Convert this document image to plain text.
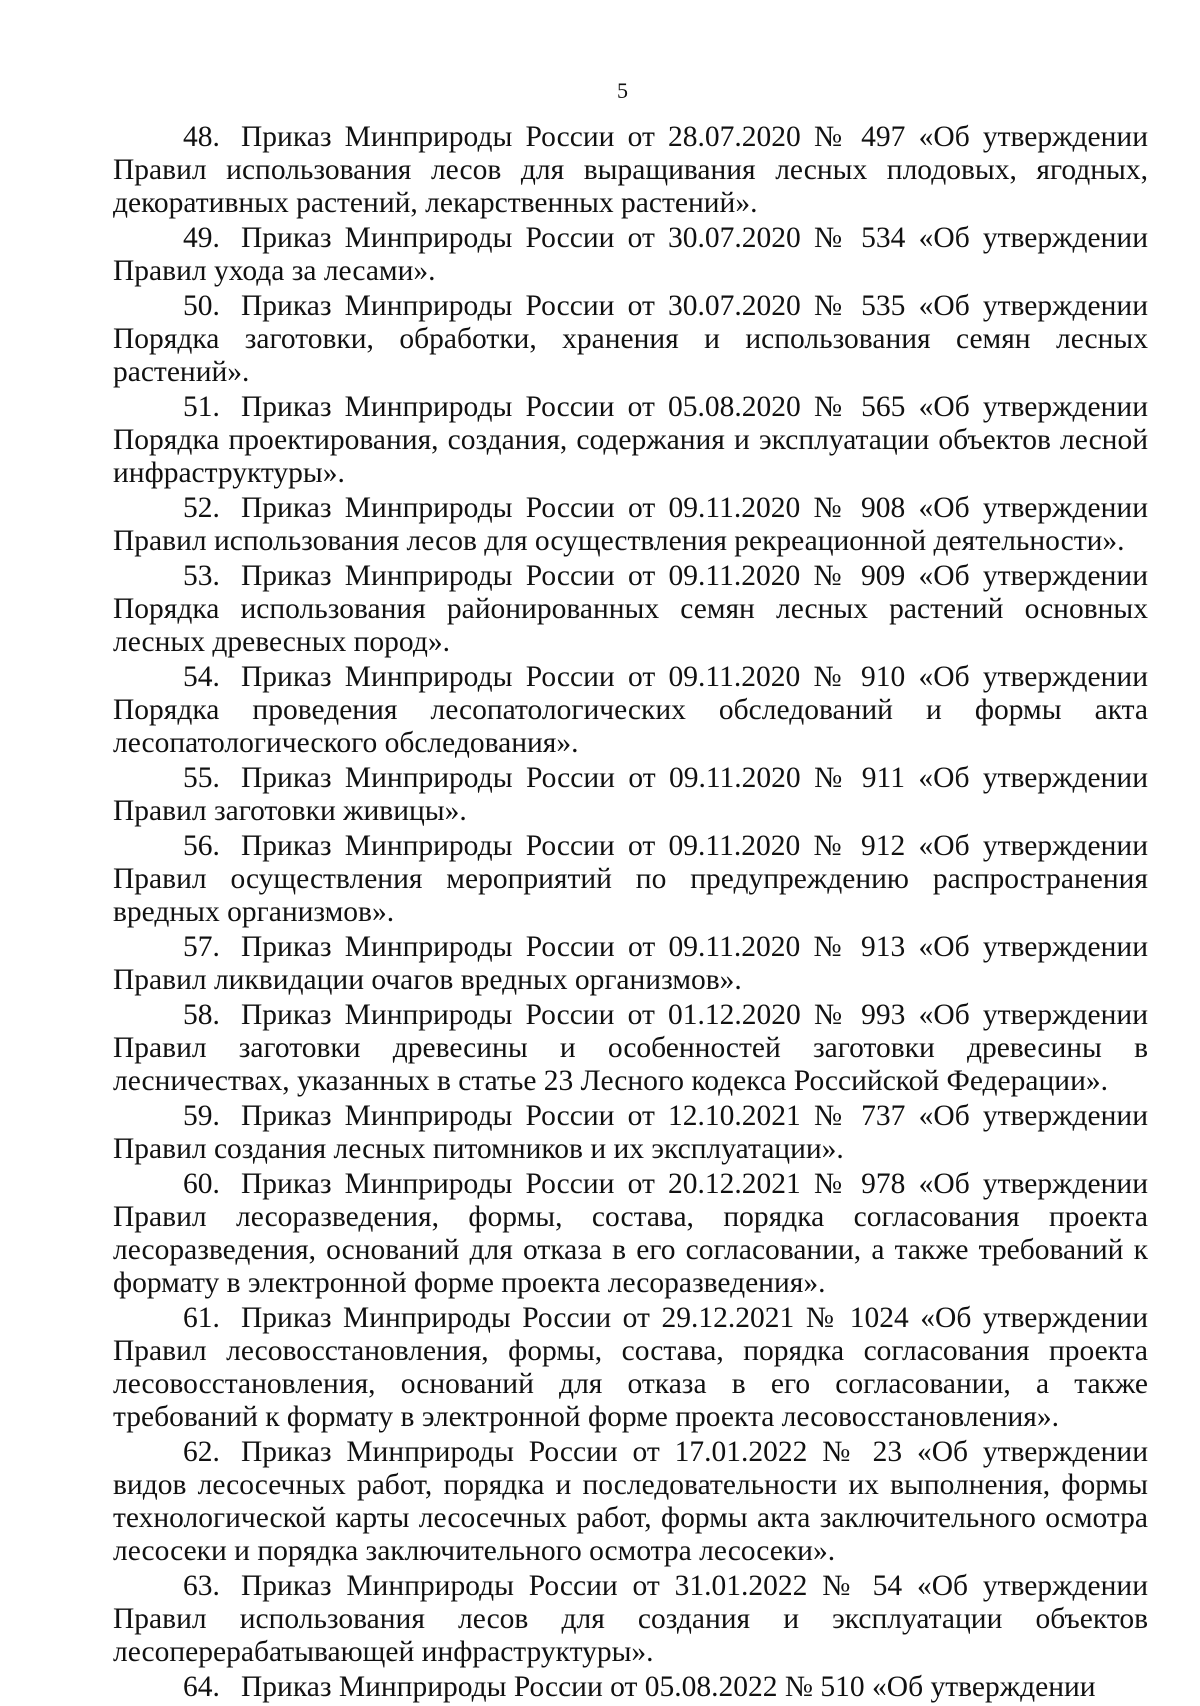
5

48. Приказ Минприроды России от 28.07.2020 № 497 «Об утверждении Правил использования лесов для выращивания лесных плодовых, ягодных, декоративных растений, лекарственных растений».

49. Приказ Минприроды России от 30.07.2020 № 534 «Об утверждении Правил ухода за лесами».

50. Приказ Минприроды России от 30.07.2020 № 535 «Об утверждении Порядка заготовки, обработки, хранения и использования семян лесных растений».

51. Приказ Минприроды России от 05.08.2020 № 565 «Об утверждении Порядка проектирования, создания, содержания и эксплуатации объектов лесной инфраструктуры».

52. Приказ Минприроды России от 09.11.2020 № 908 «Об утверждении Правил использования лесов для осуществления рекреационной деятельности».

53. Приказ Минприроды России от 09.11.2020 № 909 «Об утверждении Порядка использования районированных семян лесных растений основных лесных древесных пород».

54. Приказ Минприроды России от 09.11.2020 № 910 «Об утверждении Порядка проведения лесопатологических обследований и формы акта лесопатологического обследования».

55. Приказ Минприроды России от 09.11.2020 № 911 «Об утверждении Правил заготовки живицы».

56. Приказ Минприроды России от 09.11.2020 № 912 «Об утверждении Правил осуществления мероприятий по предупреждению распространения вредных организмов».

57. Приказ Минприроды России от 09.11.2020 № 913 «Об утверждении Правил ликвидации очагов вредных организмов».

58. Приказ Минприроды России от 01.12.2020 № 993 «Об утверждении Правил заготовки древесины и особенностей заготовки древесины в лесничествах, указанных в статье 23 Лесного кодекса Российской Федерации».

59. Приказ Минприроды России от 12.10.2021 № 737 «Об утверждении Правил создания лесных питомников и их эксплуатации».

60. Приказ Минприроды России от 20.12.2021 № 978 «Об утверждении Правил лесоразведения, формы, состава, порядка согласования проекта лесоразведения, оснований для отказа в его согласовании, а также требований к формату в электронной форме проекта лесоразведения».

61. Приказ Минприроды России от 29.12.2021 № 1024 «Об утверждении Правил лесовосстановления, формы, состава, порядка согласования проекта лесовосстановления, оснований для отказа в его согласовании, а также требований к формату в электронной форме проекта лесовосстановления».

62. Приказ Минприроды России от 17.01.2022 № 23 «Об утверждении видов лесосечных работ, порядка и последовательности их выполнения, формы технологической карты лесосечных работ, формы акта заключительного осмотра лесосеки и порядка заключительного осмотра лесосеки».

63. Приказ Минприроды России от 31.01.2022 № 54 «Об утверждении Правил использования лесов для создания и эксплуатации объектов лесоперерабатывающей инфраструктуры».

64. Приказ Минприроды России от 05.08.2022 № 510 «Об утверждении
